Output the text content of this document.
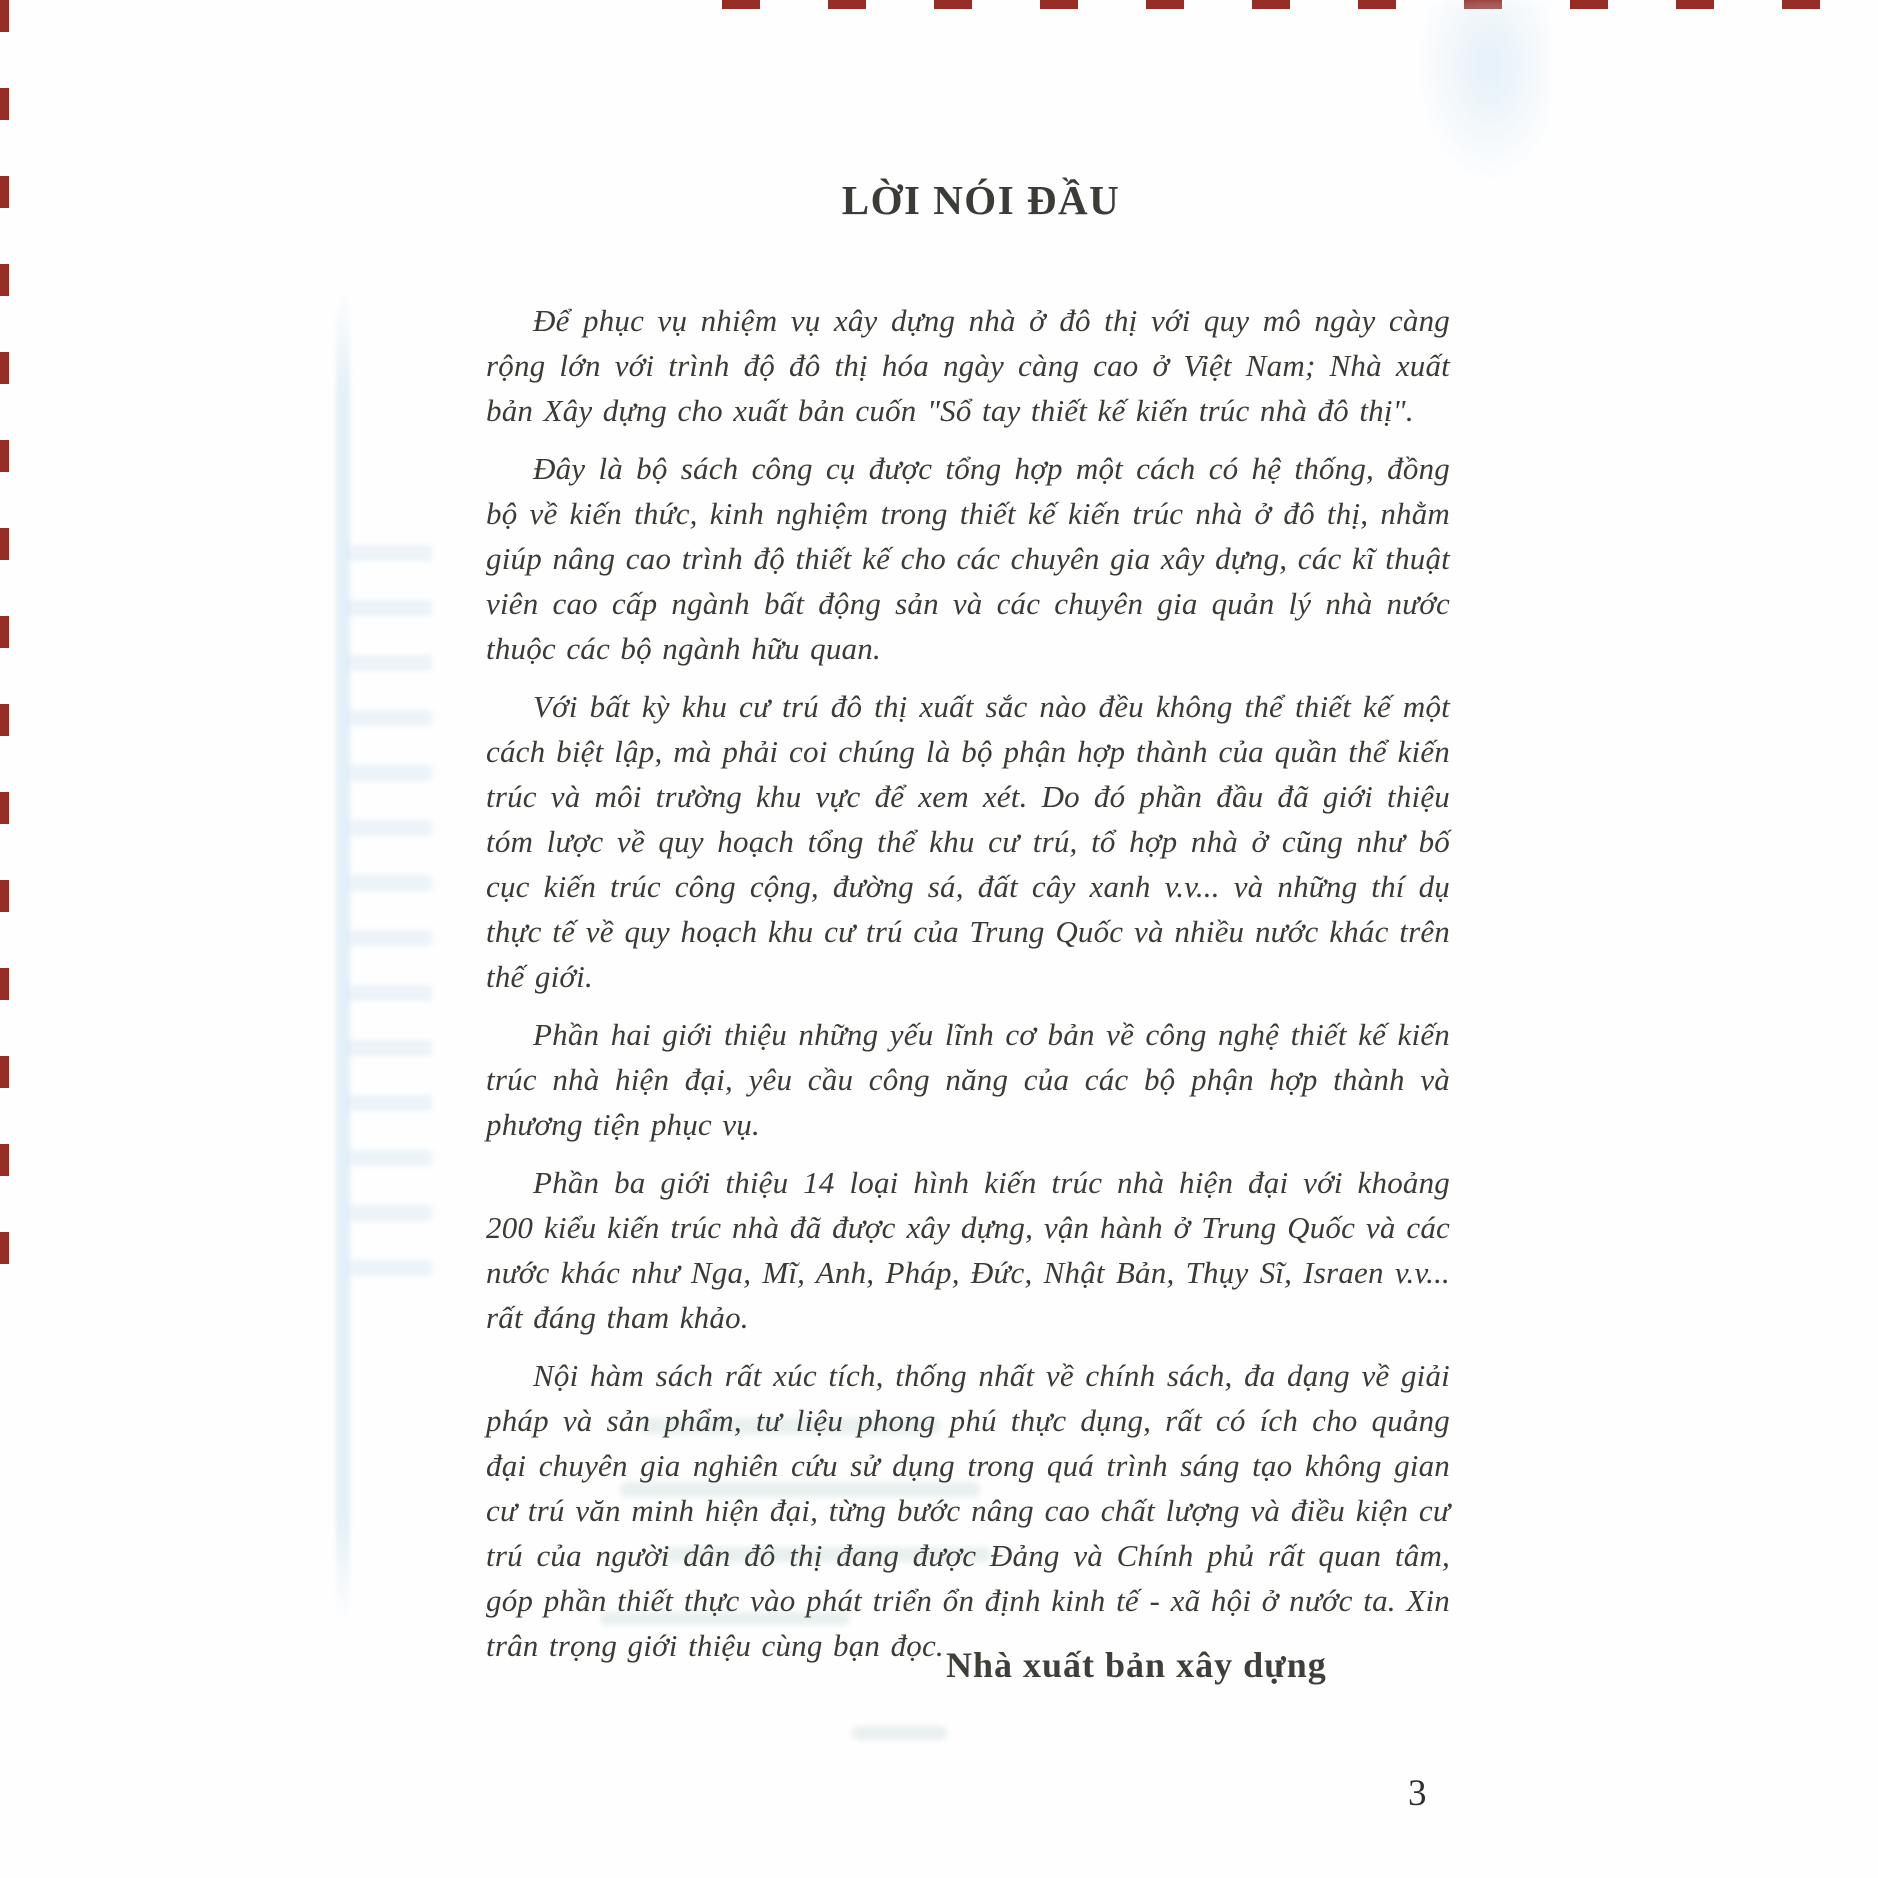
LỜI NÓI ĐẦU

Để phục vụ nhiệm vụ xây dựng nhà ở đô thị với quy mô ngày càng rộng lớn với trình độ đô thị hóa ngày càng cao ở Việt Nam; Nhà xuất bản Xây dựng cho xuất bản cuốn "Sổ tay thiết kế kiến trúc nhà đô thị".

Đây là bộ sách công cụ được tổng hợp một cách có hệ thống, đồng bộ về kiến thức, kinh nghiệm trong thiết kế kiến trúc nhà ở đô thị, nhằm giúp nâng cao trình độ thiết kế cho các chuyên gia xây dựng, các kĩ thuật viên cao cấp ngành bất động sản và các chuyên gia quản lý nhà nước thuộc các bộ ngành hữu quan.

Với bất kỳ khu cư trú đô thị xuất sắc nào đều không thể thiết kế một cách biệt lập, mà phải coi chúng là bộ phận hợp thành của quần thể kiến trúc và môi trường khu vực để xem xét. Do đó phần đầu đã giới thiệu tóm lược về quy hoạch tổng thể khu cư trú, tổ hợp nhà ở cũng như bố cục kiến trúc công cộng, đường sá, đất cây xanh v.v... và những thí dụ thực tế về quy hoạch khu cư trú của Trung Quốc và nhiều nước khác trên thế giới.

Phần hai giới thiệu những yếu lĩnh cơ bản về công nghệ thiết kế kiến trúc nhà hiện đại, yêu cầu công năng của các bộ phận hợp thành và phương tiện phục vụ.

Phần ba giới thiệu 14 loại hình kiến trúc nhà hiện đại với khoảng 200 kiểu kiến trúc nhà đã được xây dựng, vận hành ở Trung Quốc và các nước khác như Nga, Mĩ, Anh, Pháp, Đức, Nhật Bản, Thụy Sĩ, Israen v.v... rất đáng tham khảo.

Nội hàm sách rất xúc tích, thống nhất về chính sách, đa dạng về giải pháp và sản phẩm, tư liệu phong phú thực dụng, rất có ích cho quảng đại chuyên gia nghiên cứu sử dụng trong quá trình sáng tạo không gian cư trú văn minh hiện đại, từng bước nâng cao chất lượng và điều kiện cư trú của người dân đô thị đang được Đảng và Chính phủ rất quan tâm, góp phần thiết thực vào phát triển ổn định kinh tế - xã hội ở nước ta. Xin trân trọng giới thiệu cùng bạn đọc. Nhà xuất bản xây dựng
3
